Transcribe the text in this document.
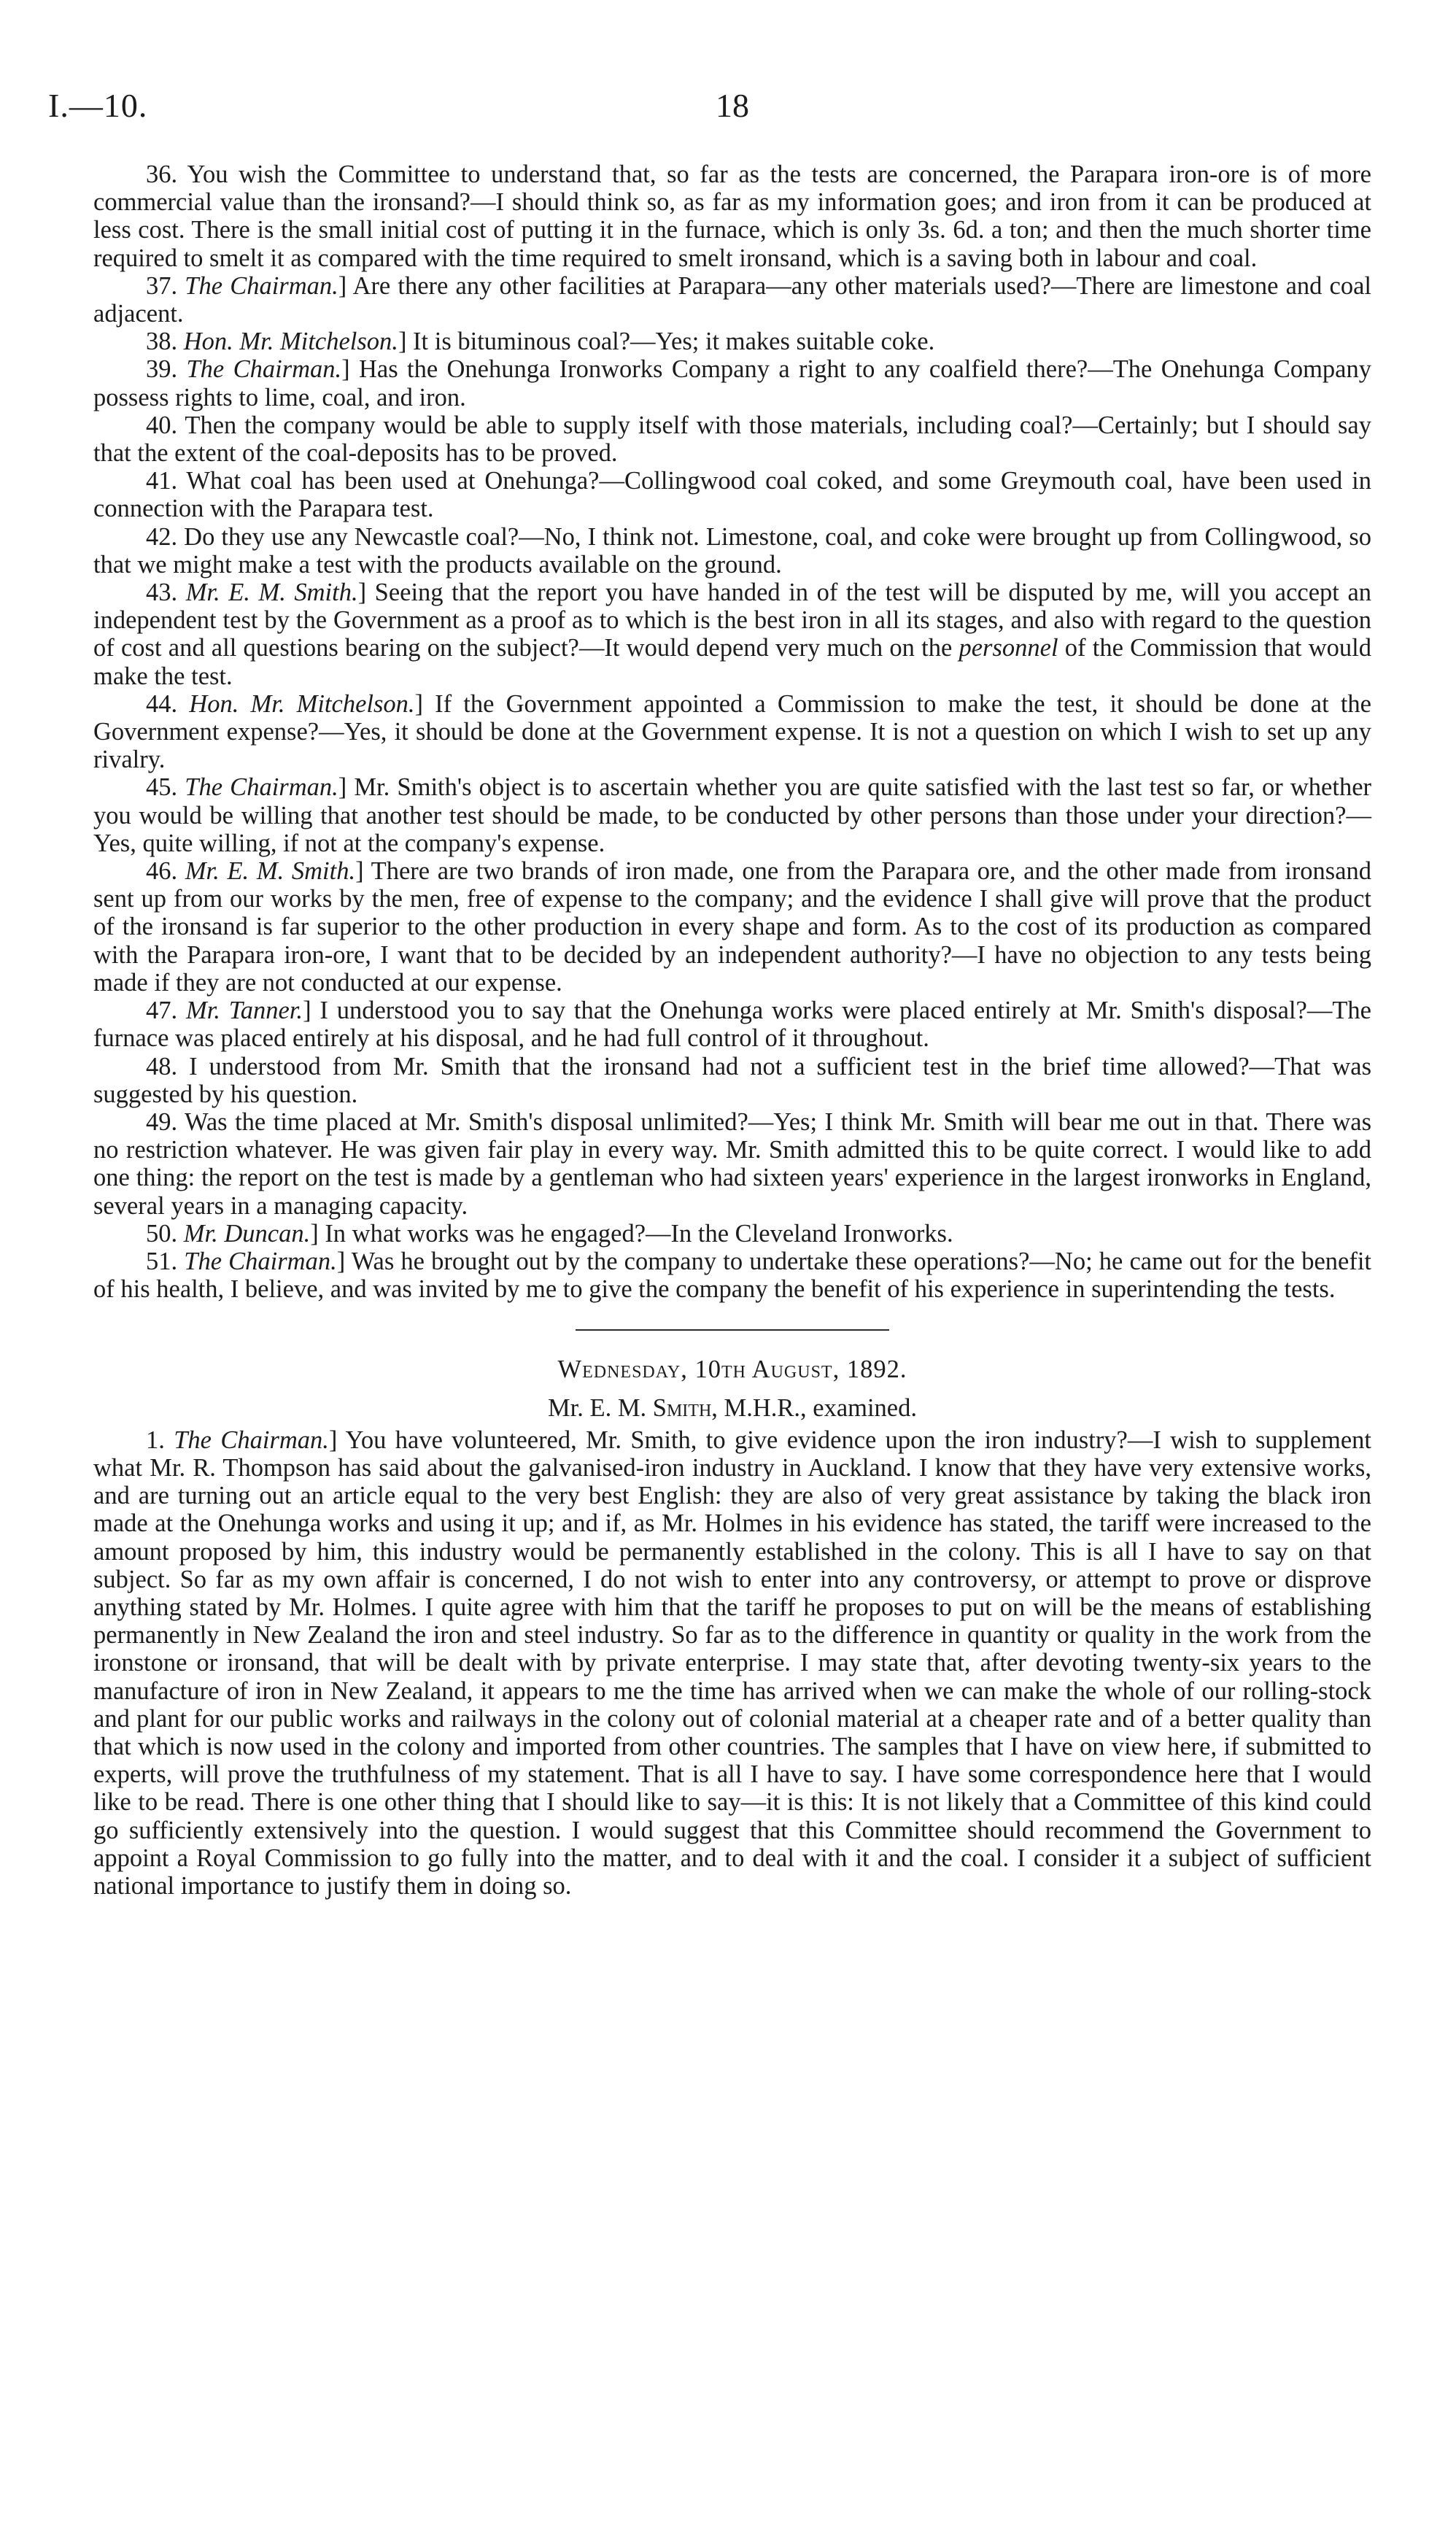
I.—10.	18

36. You wish the Committee to understand that, so far as the tests are concerned, the Parapara iron-ore is of more commercial value than the ironsand?—I should think so, as far as my information goes; and iron from it can be produced at less cost. There is the small initial cost of putting it in the furnace, which is only 3s. 6d. a ton; and then the much shorter time required to smelt it as compared with the time required to smelt ironsand, which is a saving both in labour and coal.

37. The Chairman.] Are there any other facilities at Parapara—any other materials used?—There are limestone and coal adjacent.

38. Hon. Mr. Mitchelson.] It is bituminous coal?—Yes; it makes suitable coke.

39. The Chairman.] Has the Onehunga Ironworks Company a right to any coalfield there?—The Onehunga Company possess rights to lime, coal, and iron.

40. Then the company would be able to supply itself with those materials, including coal?—Certainly; but I should say that the extent of the coal-deposits has to be proved.

41. What coal has been used at Onehunga?—Collingwood coal coked, and some Greymouth coal, have been used in connection with the Parapara test.

42. Do they use any Newcastle coal?—No, I think not. Limestone, coal, and coke were brought up from Collingwood, so that we might make a test with the products available on the ground.

43. Mr. E. M. Smith.] Seeing that the report you have handed in of the test will be disputed by me, will you accept an independent test by the Government as a proof as to which is the best iron in all its stages, and also with regard to the question of cost and all questions bearing on the subject?—It would depend very much on the personnel of the Commission that would make the test.

44. Hon. Mr. Mitchelson.] If the Government appointed a Commission to make the test, it should be done at the Government expense?—Yes, it should be done at the Government expense. It is not a question on which I wish to set up any rivalry.

45. The Chairman.] Mr. Smith's object is to ascertain whether you are quite satisfied with the last test so far, or whether you would be willing that another test should be made, to be conducted by other persons than those under your direction?—Yes, quite willing, if not at the company's expense.

46. Mr. E. M. Smith.] There are two brands of iron made, one from the Parapara ore, and the other made from ironsand sent up from our works by the men, free of expense to the company; and the evidence I shall give will prove that the product of the ironsand is far superior to the other production in every shape and form. As to the cost of its production as compared with the Parapara iron-ore, I want that to be decided by an independent authority?—I have no objection to any tests being made if they are not conducted at our expense.

47. Mr. Tanner.] I understood you to say that the Onehunga works were placed entirely at Mr. Smith's disposal?—The furnace was placed entirely at his disposal, and he had full control of it throughout.

48. I understood from Mr. Smith that the ironsand had not a sufficient test in the brief time allowed?—That was suggested by his question.

49. Was the time placed at Mr. Smith's disposal unlimited?—Yes; I think Mr. Smith will bear me out in that. There was no restriction whatever. He was given fair play in every way. Mr. Smith admitted this to be quite correct. I would like to add one thing: the report on the test is made by a gentleman who had sixteen years' experience in the largest ironworks in England, several years in a managing capacity.

50. Mr. Duncan.] In what works was he engaged?—In the Cleveland Ironworks.

51. The Chairman.] Was he brought out by the company to undertake these operations?—No; he came out for the benefit of his health, I believe, and was invited by me to give the company the benefit of his experience in superintending the tests.

Wednesday, 10th August, 1892.
Mr. E. M. Smith, M.H.R., examined.

1. The Chairman.] You have volunteered, Mr. Smith, to give evidence upon the iron industry?—I wish to supplement what Mr. R. Thompson has said about the galvanised-iron industry in Auckland. I know that they have very extensive works, and are turning out an article equal to the very best English: they are also of very great assistance by taking the black iron made at the Onehunga works and using it up; and if, as Mr. Holmes in his evidence has stated, the tariff were increased to the amount proposed by him, this industry would be permanently established in the colony. This is all I have to say on that subject. So far as my own affair is concerned, I do not wish to enter into any controversy, or attempt to prove or disprove anything stated by Mr. Holmes. I quite agree with him that the tariff he proposes to put on will be the means of establishing permanently in New Zealand the iron and steel industry. So far as to the difference in quantity or quality in the work from the ironstone or ironsand, that will be dealt with by private enterprise. I may state that, after devoting twenty-six years to the manufacture of iron in New Zealand, it appears to me the time has arrived when we can make the whole of our rolling-stock and plant for our public works and railways in the colony out of colonial material at a cheaper rate and of a better quality than that which is now used in the colony and imported from other countries. The samples that I have on view here, if submitted to experts, will prove the truthfulness of my statement. That is all I have to say. I have some correspondence here that I would like to be read. There is one other thing that I should like to say—it is this: It is not likely that a Committee of this kind could go sufficiently extensively into the question. I would suggest that this Committee should recommend the Government to appoint a Royal Commission to go fully into the matter, and to deal with it and the coal. I consider it a subject of sufficient national importance to justify them in doing so.
